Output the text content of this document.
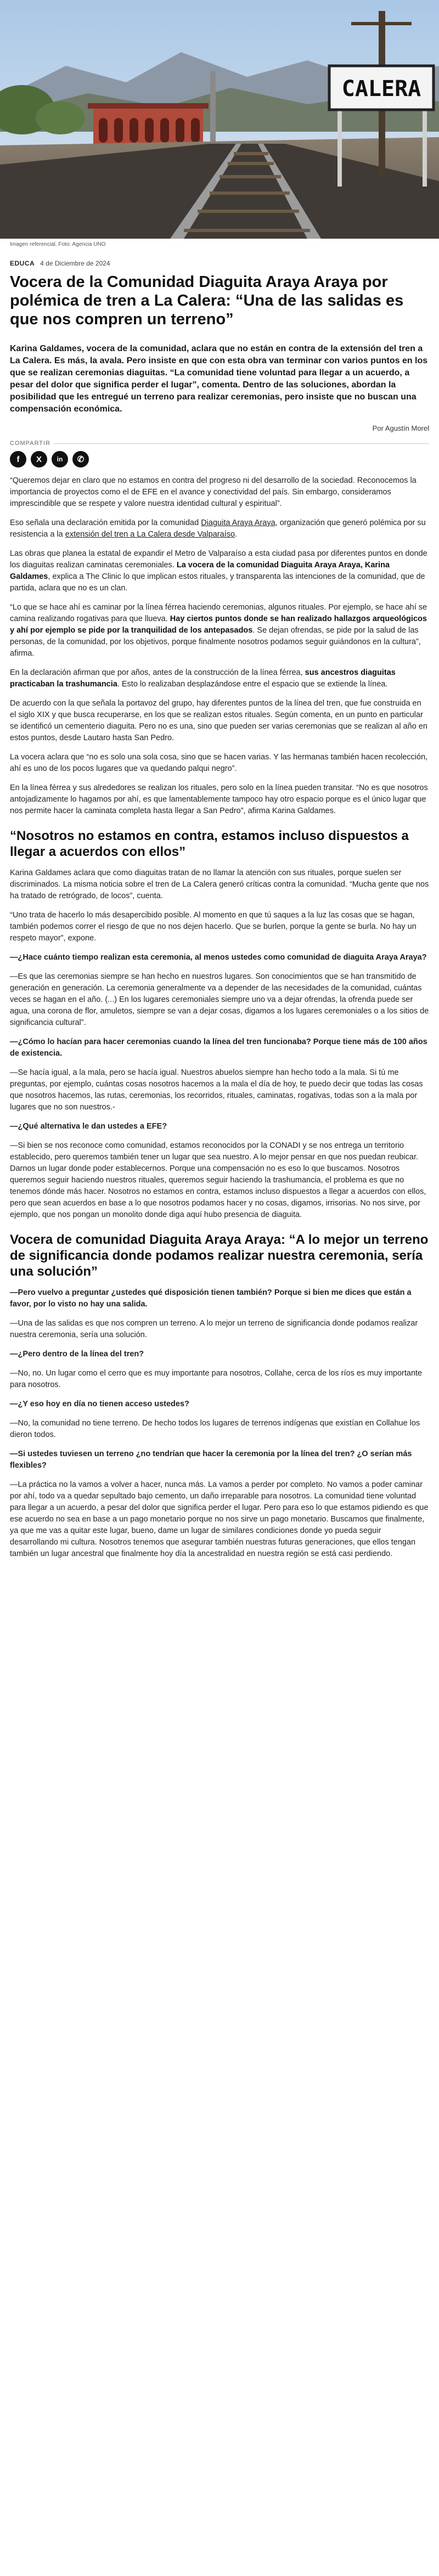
CALERA
Imagen referencial. Foto: Agencia UNO
EDUCA 4 de Diciembre de 2024
Vocera de la Comunidad Diaguita Araya Araya por polémica de tren a La Calera: “Una de las salidas es que nos compren un terreno”

Karina Galdames, vocera de la comunidad, aclara que no están en contra de la extensión del tren a La Calera. Es más, la avala. Pero insiste en que con esta obra van terminar con varios puntos en los que se realizan ceremonias diaguitas. “La comunidad tiene voluntad para llegar a un acuerdo, a pesar del dolor que significa perder el lugar”, comenta. Dentro de las soluciones, abordan la posibilidad que les entregué un terreno para realizar ceremonias, pero insiste que no buscan una compensación económica.

Por Agustín Morel
COMPARTIR
f	X	in	✆

“Queremos dejar en claro que no estamos en contra del progreso ni del desarrollo de la sociedad. Reconocemos la importancia de proyectos como el de EFE en el avance y conectividad del país. Sin embargo, consideramos imprescindible que se respete y valore nuestra identidad cultural y espiritual”.

Eso señala una declaración emitida por la comunidad Diaguita Araya Araya, organización que generó polémica por su resistencia a la extensión del tren a La Calera desde Valparaíso.

Las obras que planea la estatal de expandir el Metro de Valparaíso a esta ciudad pasa por diferentes puntos en donde los diaguitas realizan caminatas ceremoniales. La vocera de la comunidad Diaguita Araya Araya, Karina Galdames, explica a The Clinic lo que implican estos rituales, y transparenta las intenciones de la comunidad, que de partida, aclara que no es un clan.

“Lo que se hace ahí es caminar por la línea férrea haciendo ceremonias, algunos rituales. Por ejemplo, se hace ahí se camina realizando rogativas para que llueva. Hay ciertos puntos donde se han realizado hallazgos arqueológicos y ahí por ejemplo se pide por la tranquilidad de los antepasados. Se dejan ofrendas, se pide por la salud de las personas, de la comunidad, por los objetivos, porque finalmente nosotros podamos seguir guiándonos en la cultura”, afirma.

En la declaración afirman que por años, antes de la construcción de la línea férrea, sus ancestros diaguitas practicaban la trashumancia. Esto lo realizaban desplazándose entre el espacio que se extiende la línea.

De acuerdo con la que señala la portavoz del grupo, hay diferentes puntos de la línea del tren, que fue construida en el siglo XIX y que busca recuperarse, en los que se realizan estos rituales. Según comenta, en un punto en particular se identificó un cementerio diaguita. Pero no es una, sino que pueden ser varias ceremonias que se realizan al año en estos puntos, desde Lautaro hasta San Pedro.

La vocera aclara que “no es solo una sola cosa, sino que se hacen varias. Y las hermanas también hacen recolección, ahí es uno de los pocos lugares que va quedando palqui negro”.

En la línea férrea y sus alrededores se realizan los rituales, pero solo en la línea pueden transitar. “No es que nosotros antojadizamente lo hagamos por ahí, es que lamentablemente tampoco hay otro espacio porque es el único lugar que nos permite hacer la caminata completa hasta llegar a San Pedro”, afirma Karina Galdames.

“Nosotros no estamos en contra, estamos incluso dispuestos a llegar a acuerdos con ellos”

Karina Galdames aclara que como diaguitas tratan de no llamar la atención con sus rituales, porque suelen ser discriminados. La misma noticia sobre el tren de La Calera generó críticas contra la comunidad. “Mucha gente que nos ha tratado de retrógrado, de locos”, cuenta.

“Uno trata de hacerlo lo más desapercibido posible. Al momento en que tú saques a la luz las cosas que se hagan, también podemos correr el riesgo de que no nos dejen hacerlo. Que se burlen, porque la gente se burla. No hay un respeto mayor”, expone.

—¿Hace cuánto tiempo realizan esta ceremonia, al menos ustedes como comunidad de diaguita Araya Araya?

—Es que las ceremonias siempre se han hecho en nuestros lugares. Son conocimientos que se han transmitido de generación en generación. La ceremonia generalmente va a depender de las necesidades de la comunidad, cuántas veces se hagan en el año. (...) En los lugares ceremoniales siempre uno va a dejar ofrendas, la ofrenda puede ser agua, una corona de flor, amuletos, siempre se van a dejar cosas, digamos a los lugares ceremoniales o a los sitios de significancia cultural”.

—¿Cómo lo hacían para hacer ceremonias cuando la línea del tren funcionaba? Porque tiene más de 100 años de existencia.

—Se hacía igual, a la mala, pero se hacía igual. Nuestros abuelos siempre han hecho todo a la mala. Si tú me preguntas, por ejemplo, cuántas cosas nosotros hacemos a la mala el día de hoy, te puedo decir que todas las cosas que nosotros hacemos, las rutas, ceremonias, los recorridos, rituales, caminatas, rogativas, todas son a la mala por lugares que no son nuestros.-

—¿Qué alternativa le dan ustedes a EFE?

—Si bien se nos reconoce como comunidad, estamos reconocidos por la CONADI y se nos entrega un territorio establecido, pero queremos también tener un lugar que sea nuestro. A lo mejor pensar en que nos puedan reubicar. Darnos un lugar donde poder establecernos. Porque una compensación no es eso lo que buscamos. Nosotros queremos seguir haciendo nuestros rituales, queremos seguir haciendo la trashumancia, el problema es que no tenemos dónde más hacer. Nosotros no estamos en contra, estamos incluso dispuestos a llegar a acuerdos con ellos, pero que sean acuerdos en base a lo que nosotros podamos hacer y no cosas, digamos, irrisorias. No nos sirve, por ejemplo, que nos pongan un monolito donde diga aquí hubo presencia de diaguita.

Vocera de comunidad Diaguita Araya Araya: “A lo mejor un terreno de significancia donde podamos realizar nuestra ceremonia, sería una solución”

—Pero vuelvo a preguntar ¿ustedes qué disposición tienen también? Porque si bien me dices que están a favor, por lo visto no hay una salida.

—Una de las salidas es que nos compren un terreno. A lo mejor un terreno de significancia donde podamos realizar nuestra ceremonia, sería una solución.

—¿Pero dentro de la línea del tren?

—No, no. Un lugar como el cerro que es muy importante para nosotros, Collahe, cerca de los ríos es muy importante para nosotros.

—¿Y eso hoy en día no tienen acceso ustedes?

—No, la comunidad no tiene terreno. De hecho todos los lugares de terrenos indígenas que existían en Collahue los dieron todos.

—Si ustedes tuviesen un terreno ¿no tendrían que hacer la ceremonia por la línea del tren? ¿O serían más flexibles?

—La práctica no la vamos a volver a hacer, nunca más. La vamos a perder por completo. No vamos a poder caminar por ahí, todo va a quedar sepultado bajo cemento, un daño irreparable para nosotros. La comunidad tiene voluntad para llegar a un acuerdo, a pesar del dolor que significa perder el lugar. Pero para eso lo que estamos pidiendo es que ese acuerdo no sea en base a un pago monetario porque no nos sirve un pago monetario. Buscamos que finalmente, ya que me vas a quitar este lugar, bueno, dame un lugar de similares condiciones donde yo pueda seguir desarrollando mi cultura. Nosotros tenemos que asegurar también nuestras futuras generaciones, que ellos tengan también un lugar ancestral que finalmente hoy día la ancestralidad en nuestra región se está casi perdiendo.
